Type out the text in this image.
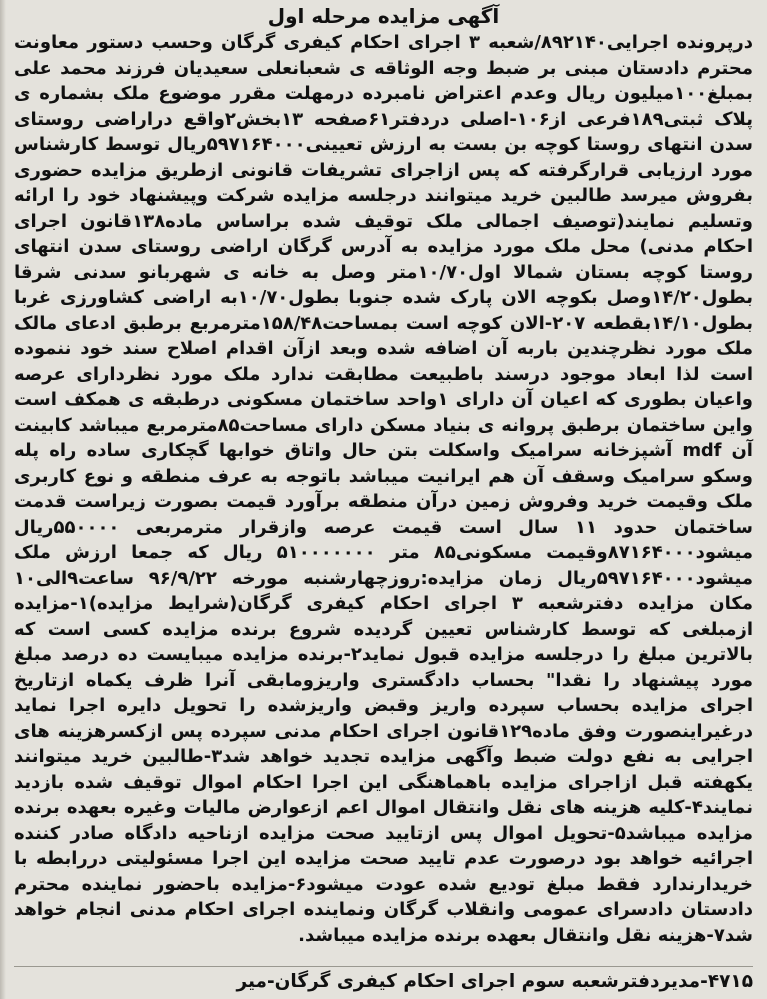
آگهی مزایده مرحله اول

درپرونده اجرایی۸۹۲۱۴۰/شعبه ۳ اجرای احکام کیفری گرگان وحسب دستور معاونت محترم دادستان مبنی بر ضبط وجه الوثاقه ی شعبانعلی سعیدیان فرزند محمد علی بمبلغ۱۰۰میلیون ریال وعدم اعتراض نامبرده درمهلت مقرر موضوع ملک بشماره ی پلاک ثبتی۱۸۹فرعی از۱۰۶-اصلی دردفتر۶۱صفحه ۱۳بخش۲واقع دراراضی روستای سدن انتهای روستا کوچه بن بست به ارزش تعیینی۵۹۷۱۶۴۰۰۰ریال توسط کارشناس مورد ارزیابی قرارگرفته که پس ازاجرای تشریفات قانونی ازطریق مزایده حضوری بفروش میرسد طالبین خرید میتوانند درجلسه مزایده شرکت وپیشنهاد خود را ارائه وتسلیم نمایند(توصیف اجمالی ملک توقیف شده براساس ماده۱۳۸قانون اجرای احکام مدنی) محل ملک مورد مزایده به آدرس گرگان اراضی روستای سدن انتهای روستا کوچه بستان شمالا اول۱۰/۷۰متر وصل به خانه ی شهربانو سدنی شرقا بطول۱۴/۲۰وصل بکوچه الان پارک شده جنوبا بطول۱۰/۷۰به اراضی کشاورزی غربا بطول۱۴/۱۰بقطعه ۲۰۷-الان کوچه است بمساحت۱۵۸/۴۸مترمربع برطبق ادعای مالک ملک مورد نظرچندین باربه آن اضافه شده وبعد ازآن اقدام اصلاح سند خود ننموده است لذا ابعاد موجود درسند باطبیعت مطابقت ندارد ملک مورد نظردارای عرصه واعیان بطوری که اعیان آن دارای ۱واحد ساختمان مسکونی درطبقه ی همکف است واین ساختمان برطبق پروانه ی بنیاد مسکن دارای مساحت۸۵مترمربع میباشد کابینت آن mdf آشپزخانه سرامیک واسکلت بتن حال واتاق خوابها گچکاری ساده راه پله وسکو سرامیک وسقف آن هم ایرانیت میباشد باتوجه به عرف منطقه و نوع کاربری ملک وقیمت خرید وفروش زمین درآن منطقه برآورد قیمت بصورت زیراست قدمت ساختمان حدود ۱۱ سال است قیمت عرصه وازقرار مترمربعی ۵۵۰۰۰۰ریال میشود۸۷۱۶۴۰۰۰وقیمت مسکونی۸۵ متر ۵۱۰۰۰۰۰۰۰ ریال که جمعا ارزش ملک میشود۵۹۷۱۶۴۰۰۰ریال زمان مزایده:روزچهارشنبه مورخه ۹۶/۹/۲۲ ساعت۹الی۱۰ مکان مزایده دفترشعبه ۳ اجرای احکام کیفری گرگان(شرایط مزایده)۱-مزایده ازمبلغی که توسط کارشناس تعیین گردیده شروع برنده مزایده کسی است که بالاترین مبلغ را درجلسه مزایده قبول نماید۲-برنده مزایده میبایست ده درصد مبلغ مورد پیشنهاد را نقدا" بحساب دادگستری واریزومابقی آنرا ظرف یکماه ازتاریخ اجرای مزایده بحساب سپرده واریز وقبض واریزشده را تحویل دایره اجرا نماید درغیراینصورت وفق ماده۱۲۹قانون اجرای احکام مدنی سپرده پس ازکسرهزینه های اجرایی به نفع دولت ضبط وآگهی مزایده تجدید خواهد شد۳-طالبین خرید میتوانند یکهفته قبل ازاجرای مزایده باهماهنگی این اجرا احکام اموال توقیف شده بازدید نمایند۴-کلیه هزینه های نقل وانتقال اموال اعم ازعوارض مالیات وغیره بعهده برنده مزایده میباشد۵-تحویل اموال پس ازتایید صحت مزایده ازناحیه دادگاه صادر کننده اجرائیه خواهد بود درصورت عدم تایید صحت مزایده این اجرا مسئولیتی دررابطه با خریدارندارد فقط مبلغ تودیع شده عودت میشود۶-مزایده باحضور نماینده محترم دادستان دادسرای عمومی وانقلاب گرگان ونماینده اجرای احکام مدنی انجام خواهد شد۷-هزینه نقل وانتقال بعهده برنده مزایده میباشد.

۴۷۱۵-مدیردفترشعبه سوم اجرای احکام کیفری گرگان-میر
